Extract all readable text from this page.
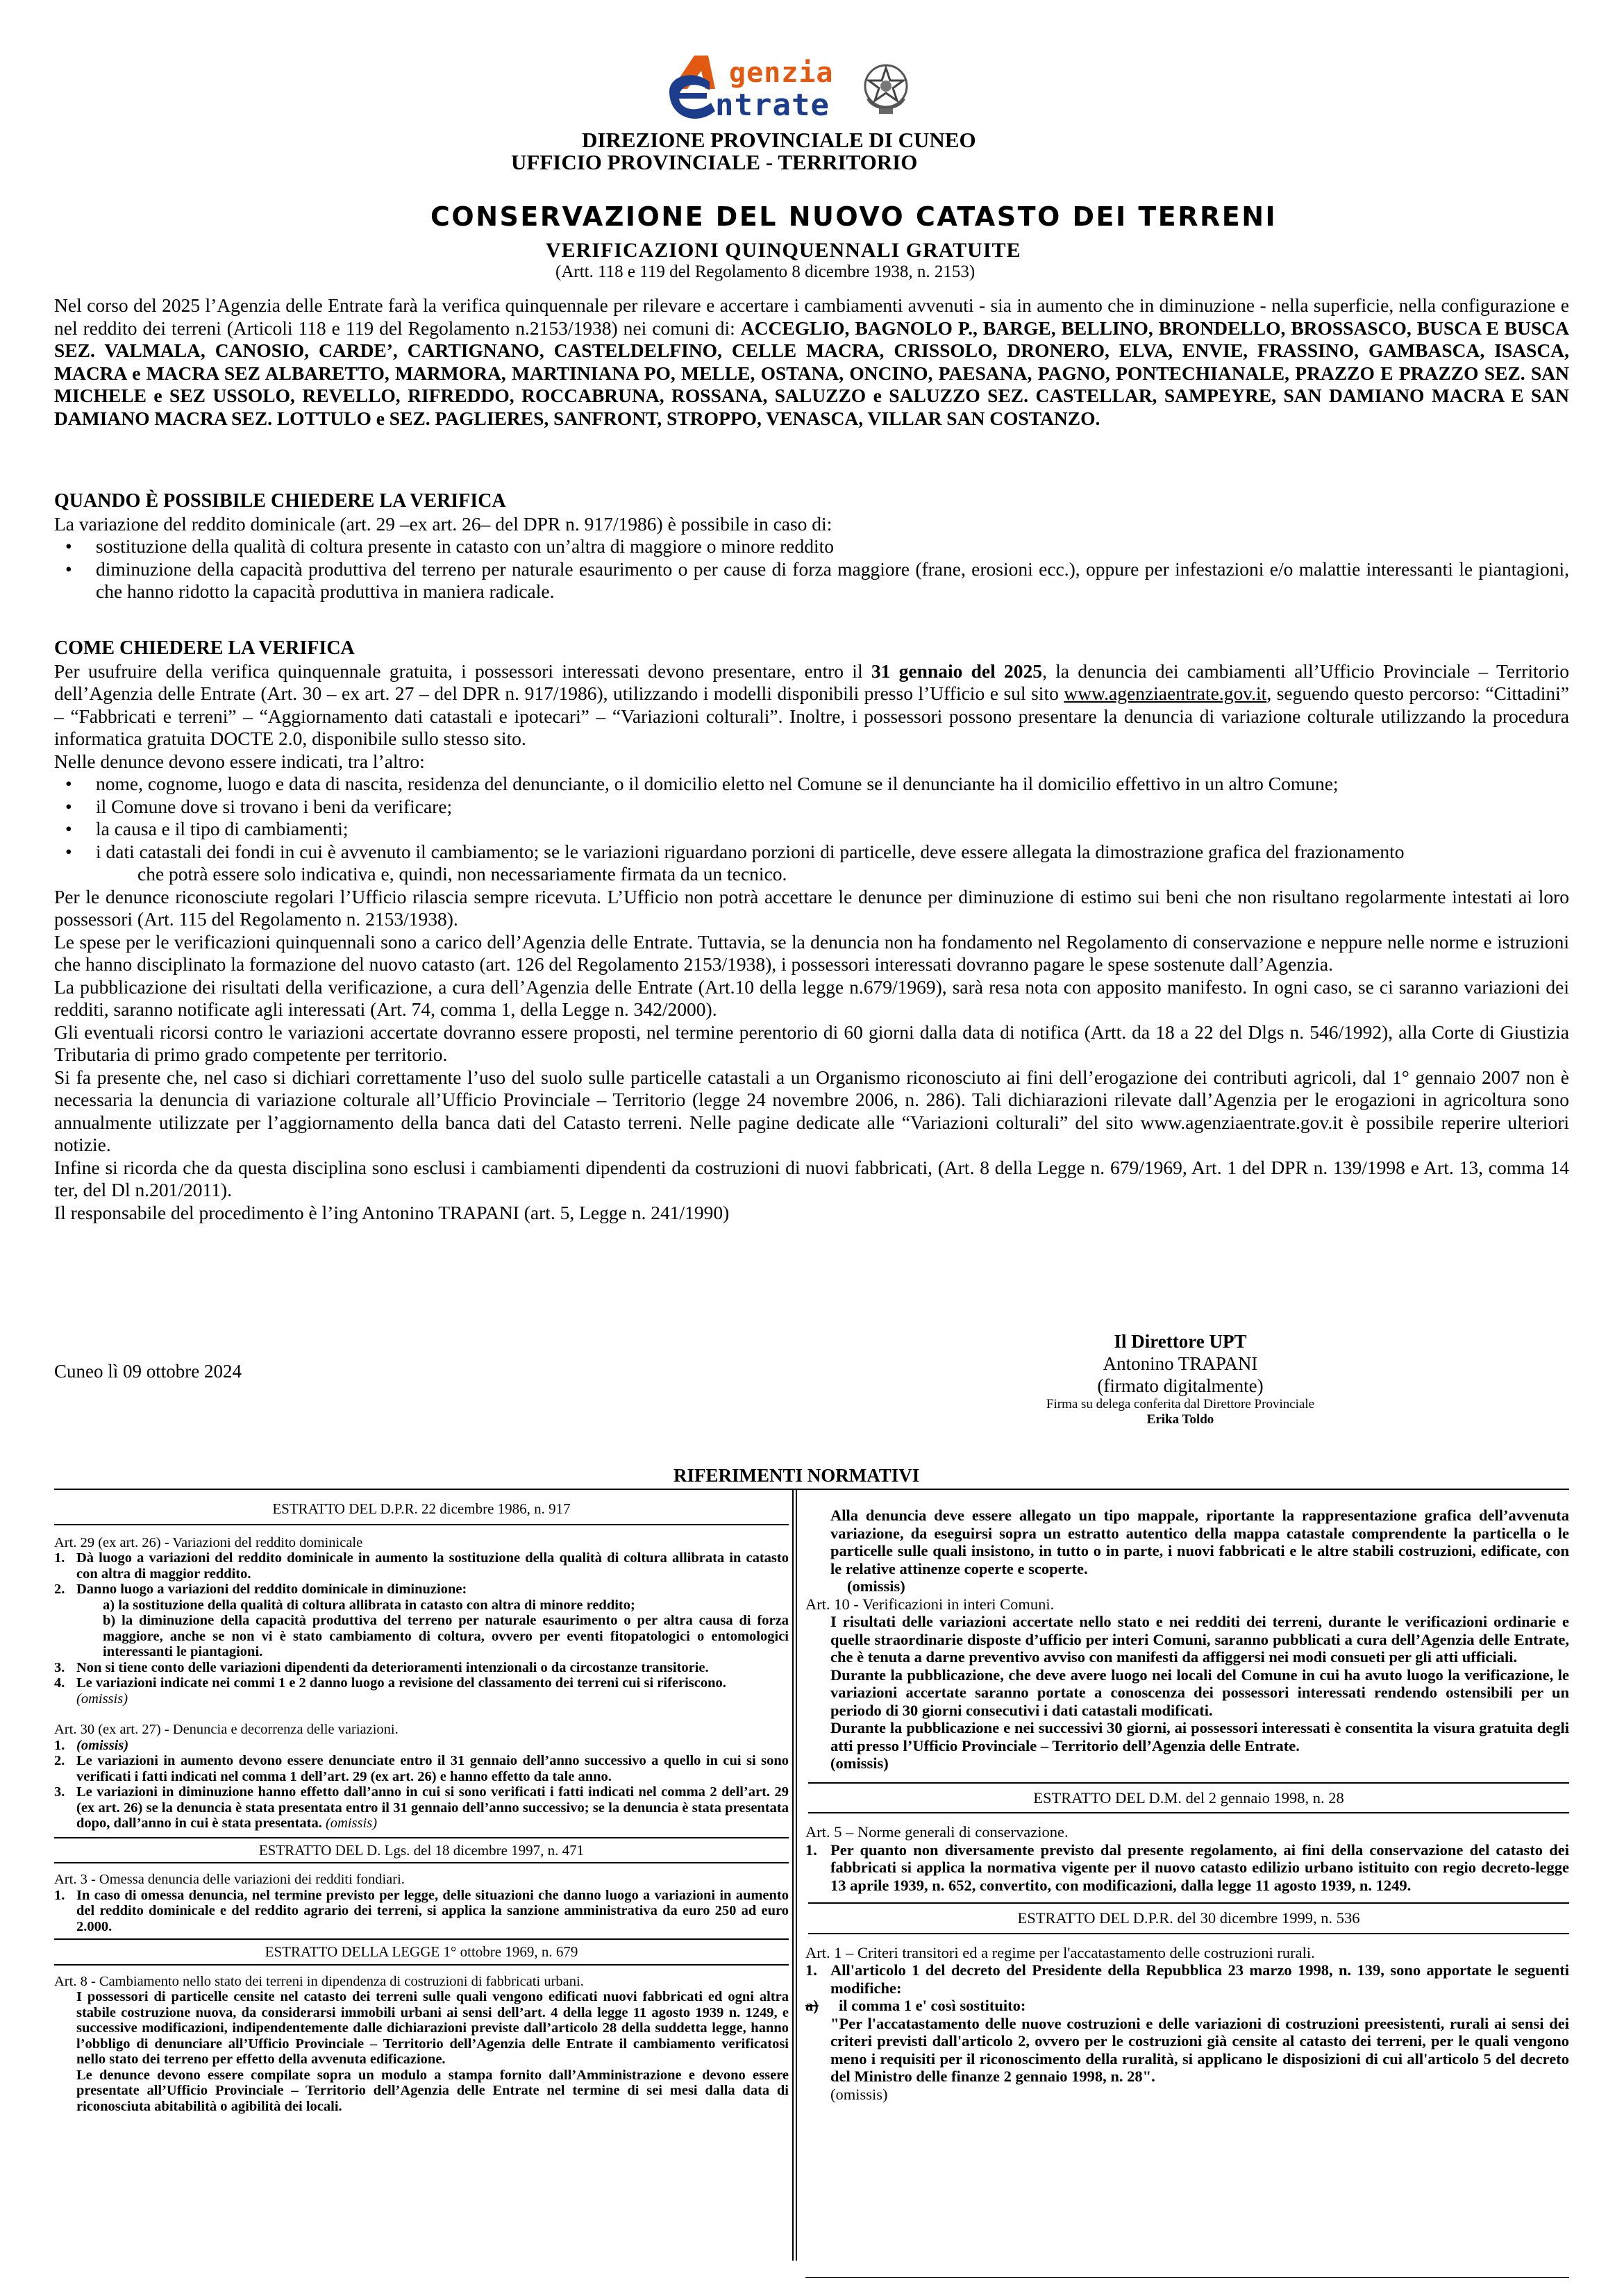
genzia
ntrate
DIREZIONE PROVINCIALE DI CUNEO
UFFICIO PROVINCIALE - TERRITORIO
CONSERVAZIONE DEL NUOVO CATASTO DEI TERRENI
VERIFICAZIONI QUINQUENNALI GRATUITE
(Artt. 118 e 119 del Regolamento 8 dicembre 1938, n. 2153)

Nel corso del 2025 l’Agenzia delle Entrate farà la verifica quinquennale per rilevare e accertare i cambiamenti avvenuti - sia in aumento che in diminuzione - nella superficie, nella configurazione e nel reddito dei terreni (Articoli 118 e 119 del Regolamento n.2153/1938) nei comuni di: ACCEGLIO, BAGNOLO P., BARGE, BELLINO, BRONDELLO, BROSSASCO, BUSCA E BUSCA SEZ. VALMALA, CANOSIO, CARDE’, CARTIGNANO, CASTELDELFINO, CELLE MACRA, CRISSOLO, DRONERO, ELVA, ENVIE, FRASSINO, GAMBASCA, ISASCA, MACRA e MACRA SEZ ALBARETTO, MARMORA, MARTINIANA PO, MELLE, OSTANA, ONCINO, PAESANA, PAGNO, PONTECHIANALE, PRAZZO E PRAZZO SEZ. SAN MICHELE e SEZ USSOLO, REVELLO, RIFREDDO, ROCCABRUNA, ROSSANA, SALUZZO e SALUZZO SEZ. CASTELLAR, SAMPEYRE, SAN DAMIANO MACRA E SAN DAMIANO MACRA SEZ. LOTTULO e SEZ. PAGLIERES, SANFRONT, STROPPO, VENASCA, VILLAR SAN COSTANZO.

QUANDO È POSSIBILE CHIEDERE LA VERIFICA

La variazione del reddito dominicale (art. 29 –ex art. 26– del DPR n. 917/1986) è possibile in caso di:

• sostituzione della qualità di coltura presente in catasto con un’altra di maggiore o minore reddito
• diminuzione della capacità produttiva del terreno per naturale esaurimento o per cause di forza maggiore (frane, erosioni ecc.), oppure per infestazioni e/o malattie interessanti le piantagioni, che hanno ridotto la capacità produttiva in maniera radicale.

COME CHIEDERE LA VERIFICA

Per usufruire della verifica quinquennale gratuita, i possessori interessati devono presentare, entro il 31 gennaio del 2025, la denuncia dei cambiamenti all’Ufficio Provinciale – Territorio dell’Agenzia delle Entrate (Art. 30 – ex art. 27 – del DPR n. 917/1986), utilizzando i modelli disponibili presso l’Ufficio e sul sito www.agenziaentrate.gov.it, seguendo questo percorso: “Cittadini” – “Fabbricati e terreni” – “Aggiornamento dati catastali e ipotecari” – “Variazioni colturali”. Inoltre, i possessori possono presentare la denuncia di variazione colturale utilizzando la procedura informatica gratuita DOCTE 2.0, disponibile sullo stesso sito.

Nelle denunce devono essere indicati, tra l’altro:

• nome, cognome, luogo e data di nascita, residenza del denunciante, o il domicilio eletto nel Comune se il denunciante ha il domicilio effettivo in un altro Comune;
• il Comune dove si trovano i beni da verificare;
• la causa e il tipo di cambiamenti;
• i dati catastali dei fondi in cui è avvenuto il cambiamento; se le variazioni riguardano porzioni di particelle, deve essere allegata la dimostrazione grafica del frazionamento

che potrà essere solo indicativa e, quindi, non necessariamente firmata da un tecnico.

Per le denunce riconosciute regolari l’Ufficio rilascia sempre ricevuta. L’Ufficio non potrà accettare le denunce per diminuzione di estimo sui beni che non risultano regolarmente intestati ai loro possessori (Art. 115 del Regolamento n. 2153/1938).

Le spese per le verificazioni quinquennali sono a carico dell’Agenzia delle Entrate. Tuttavia, se la denuncia non ha fondamento nel Regolamento di conservazione e neppure nelle norme e istruzioni che hanno disciplinato la formazione del nuovo catasto (art. 126 del Regolamento 2153/1938), i possessori interessati dovranno pagare le spese sostenute dall’Agenzia.

La pubblicazione dei risultati della verificazione, a cura dell’Agenzia delle Entrate (Art.10 della legge n.679/1969), sarà resa nota con apposito manifesto. In ogni caso, se ci saranno variazioni dei redditi, saranno notificate agli interessati (Art. 74, comma 1, della Legge n. 342/2000).

Gli eventuali ricorsi contro le variazioni accertate dovranno essere proposti, nel termine perentorio di 60 giorni dalla data di notifica (Artt. da 18 a 22 del Dlgs n. 546/1992), alla Corte di Giustizia Tributaria di primo grado competente per territorio.

Si fa presente che, nel caso si dichiari correttamente l’uso del suolo sulle particelle catastali a un Organismo riconosciuto ai fini dell’erogazione dei contributi agricoli, dal 1° gennaio 2007 non è necessaria la denuncia di variazione colturale all’Ufficio Provinciale – Territorio (legge 24 novembre 2006, n. 286). Tali dichiarazioni rilevate dall’Agenzia per le erogazioni in agricoltura sono annualmente utilizzate per l’aggiornamento della banca dati del Catasto terreni. Nelle pagine dedicate alle “Variazioni colturali” del sito www.agenziaentrate.gov.it è possibile reperire ulteriori notizie.

Infine si ricorda che da questa disciplina sono esclusi i cambiamenti dipendenti da costruzioni di nuovi fabbricati, (Art. 8 della Legge n. 679/1969, Art. 1 del DPR n. 139/1998 e Art. 13, comma 14 ter, del Dl n.201/2011).

Il responsabile del procedimento è l’ing Antonino TRAPANI (art. 5, Legge n. 241/1990)

Cuneo lì 09 ottobre 2024
Il Direttore UPT
Antonino TRAPANI
(firmato digitalmente)
Firma su delega conferita dal Direttore Provinciale
Erika Toldo
RIFERIMENTI NORMATIVI
ESTRATTO DEL D.P.R. 22 dicembre 1986, n. 917

Art. 29 (ex art. 26) - Variazioni del reddito dominicale

1. Dà luogo a variazioni del reddito dominicale in aumento la sostituzione della qualità di coltura allibrata in catasto con altra di maggior reddito.

2. Danno luogo a variazioni del reddito dominicale in diminuzione:

a) la sostituzione della qualità di coltura allibrata in catasto con altra di minore reddito;

b) la diminuzione della capacità produttiva del terreno per naturale esaurimento o per altra causa di forza maggiore, anche se non vi è stato cambiamento di coltura, ovvero per eventi fitopatologici o entomologici interessanti le piantagioni.

3. Non si tiene conto delle variazioni dipendenti da deterioramenti intenzionali o da circostanze transitorie.

4. Le variazioni indicate nei commi 1 e 2 danno luogo a revisione del classamento dei terreni cui si riferiscono.

(omissis)

Art. 30 (ex art. 27) - Denuncia e decorrenza delle variazioni.

1. (omissis)

2. Le variazioni in aumento devono essere denunciate entro il 31 gennaio dell’anno successivo a quello in cui si sono verificati i fatti indicati nel comma 1 dell’art. 29 (ex art. 26) e hanno effetto da tale anno.

3. Le variazioni in diminuzione hanno effetto dall’anno in cui si sono verificati i fatti indicati nel comma 2 dell’art. 29 (ex art. 26) se la denuncia è stata presentata entro il 31 gennaio dell’anno successivo; se la denuncia è stata presentata dopo, dall’anno in cui è stata presentata. (omissis)

ESTRATTO DEL D. Lgs. del 18 dicembre 1997, n. 471

Art. 3 - Omessa denuncia delle variazioni dei redditi fondiari.

1. In caso di omessa denuncia, nel termine previsto per legge, delle situazioni che danno luogo a variazioni in aumento del reddito dominicale e del reddito agrario dei terreni, si applica la sanzione amministrativa da euro 250 ad euro 2.000.

ESTRATTO DELLA LEGGE 1° ottobre 1969, n. 679

Art. 8 - Cambiamento nello stato dei terreni in dipendenza di costruzioni di fabbricati urbani.

I possessori di particelle censite nel catasto dei terreni sulle quali vengono edificati nuovi fabbricati ed ogni altra stabile costruzione nuova, da considerarsi immobili urbani ai sensi dell’art. 4 della legge 11 agosto 1939 n. 1249, e successive modificazioni, indipendentemente dalle dichiarazioni previste dall’articolo 28 della suddetta legge, hanno l’obbligo di denunciare all’Ufficio Provinciale – Territorio dell’Agenzia delle Entrate il cambiamento verificatosi nello stato dei terreno per effetto della avvenuta edificazione.

Le denunce devono essere compilate sopra un modulo a stampa fornito dall’Amministrazione e devono essere presentate all’Ufficio Provinciale – Territorio dell’Agenzia delle Entrate nel termine di sei mesi dalla data di riconosciuta abitabilità o agibilità dei locali.

Alla denuncia deve essere allegato un tipo mappale, riportante la rappresentazione grafica dell’avvenuta variazione, da eseguirsi sopra un estratto autentico della mappa catastale comprendente la particella o le particelle sulle quali insistono, in tutto o in parte, i nuovi fabbricati e le altre stabili costruzioni, edificate, con le relative attinenze coperte e scoperte.

(omissis)

Art. 10 - Verificazioni in interi Comuni.

I risultati delle variazioni accertate nello stato e nei redditi dei terreni, durante le verificazioni ordinarie e quelle straordinarie disposte d’ufficio per interi Comuni, saranno pubblicati a cura dell’Agenzia delle Entrate, che è tenuta a darne preventivo avviso con manifesti da affiggersi nei modi consueti per gli atti ufficiali.

Durante la pubblicazione, che deve avere luogo nei locali del Comune in cui ha avuto luogo la verificazione, le variazioni accertate saranno portate a conoscenza dei possessori interessati rendendo ostensibili per un periodo di 30 giorni consecutivi i dati catastali modificati.

Durante la pubblicazione e nei successivi 30 giorni, ai possessori interessati è consentita la visura gratuita degli atti presso l’Ufficio Provinciale – Territorio dell’Agenzia delle Entrate.

(omissis)

ESTRATTO DEL D.M. del 2 gennaio 1998, n. 28

Art. 5 – Norme generali di conservazione.

1. Per quanto non diversamente previsto dal presente regolamento, ai fini della conservazione del catasto dei fabbricati si applica la normativa vigente per il nuovo catasto edilizio urbano istituito con regio decreto-legge 13 aprile 1939, n. 652, convertito, con modificazioni, dalla legge 11 agosto 1939, n. 1249.

ESTRATTO DEL D.P.R. del 30 dicembre 1999, n. 536

Art. 1 – Criteri transitori ed a regime per l'accatastamento delle costruzioni rurali.

1. All'articolo 1 del decreto del Presidente della Repubblica 23 marzo 1998, n. 139, sono apportate le seguenti modifiche:

a) il comma 1 e' così sostituito:

"Per l'accatastamento delle nuove costruzioni e delle variazioni di costruzioni preesistenti, rurali ai sensi dei criteri previsti dall'articolo 2, ovvero per le costruzioni già censite al catasto dei terreni, per le quali vengono meno i requisiti per il riconoscimento della ruralità, si applicano le disposizioni di cui all'articolo 5 del decreto del Ministro delle finanze 2 gennaio 1998, n. 28".

(omissis)
